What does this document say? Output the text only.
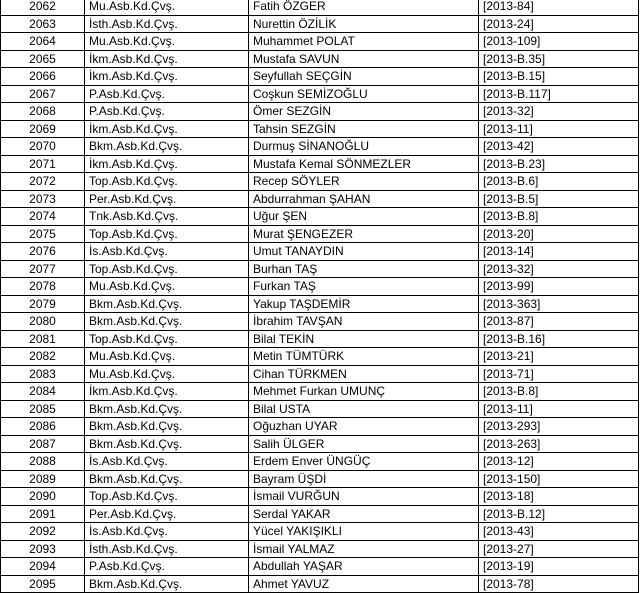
2062	Mu.Asb.Kd.Çvş.	Fatih ÖZGER	[2013-84]
2063	İsth.Asb.Kd.Çvş.	Nurettin ÖZİLİK	[2013-24]
2064	Mu.Asb.Kd.Çvş.	Muhammet POLAT	[2013-109]
2065	İkm.Asb.Kd.Çvş.	Mustafa SAVUN	[2013-B.35]
2066	İkm.Asb.Kd.Çvş.	Seyfullah SEÇGİN	[2013-B.15]
2067	P.Asb.Kd.Çvş.	Coşkun SEMİZOĞLU	[2013-B.117]
2068	P.Asb.Kd.Çvş.	Ömer SEZGİN	[2013-32]
2069	İkm.Asb.Kd.Çvş.	Tahsin SEZGİN	[2013-11]
2070	Bkm.Asb.Kd.Çvş.	Durmuş SİNANOĞLU	[2013-42]
2071	İkm.Asb.Kd.Çvş.	Mustafa Kemal SÖNMEZLER	[2013-B.23]
2072	Top.Asb.Kd.Çvş.	Recep SÖYLER	[2013-B.6]
2073	Per.Asb.Kd.Çvş.	Abdurrahman ŞAHAN	[2013-B.5]
2074	Tnk.Asb.Kd.Çvş.	Uğur ŞEN	[2013-B.8]
2075	Top.Asb.Kd.Çvş.	Murat ŞENGEZER	[2013-20]
2076	İs.Asb.Kd.Çvş.	Umut TANAYDIN	[2013-14]
2077	Top.Asb.Kd.Çvş.	Burhan TAŞ	[2013-32]
2078	Mu.Asb.Kd.Çvş.	Furkan TAŞ	[2013-99]
2079	Bkm.Asb.Kd.Çvş.	Yakup TAŞDEMİR	[2013-363]
2080	Bkm.Asb.Kd.Çvş.	İbrahim TAVŞAN	[2013-87]
2081	Top.Asb.Kd.Çvş.	Bilal TEKİN	[2013-B.16]
2082	Mu.Asb.Kd.Çvş.	Metin TÜMTÜRK	[2013-21]
2083	Mu.Asb.Kd.Çvş.	Cihan TÜRKMEN	[2013-71]
2084	İkm.Asb.Kd.Çvş.	Mehmet Furkan UMUNÇ	[2013-B.8]
2085	Bkm.Asb.Kd.Çvş.	Bilal USTA	[2013-11]
2086	Bkm.Asb.Kd.Çvş.	Oğuzhan UYAR	[2013-293]
2087	Bkm.Asb.Kd.Çvş.	Salih ÜLGER	[2013-263]
2088	İs.Asb.Kd.Çvş.	Erdem Enver ÜNGÜÇ	[2013-12]
2089	Bkm.Asb.Kd.Çvş.	Bayram ÜŞDİ	[2013-150]
2090	Top.Asb.Kd.Çvş.	İsmail VURĞUN	[2013-18]
2091	Per.Asb.Kd.Çvş.	Serdal YAKAR	[2013-B.12]
2092	İs.Asb.Kd.Çvş.	Yücel YAKIŞIKLI	[2013-43]
2093	İsth.Asb.Kd.Çvş.	İsmail YALMAZ	[2013-27]
2094	P.Asb.Kd.Çvş.	Abdullah YAŞAR	[2013-19]
2095	Bkm.Asb.Kd.Çvş.	Ahmet YAVUZ	[2013-78]
